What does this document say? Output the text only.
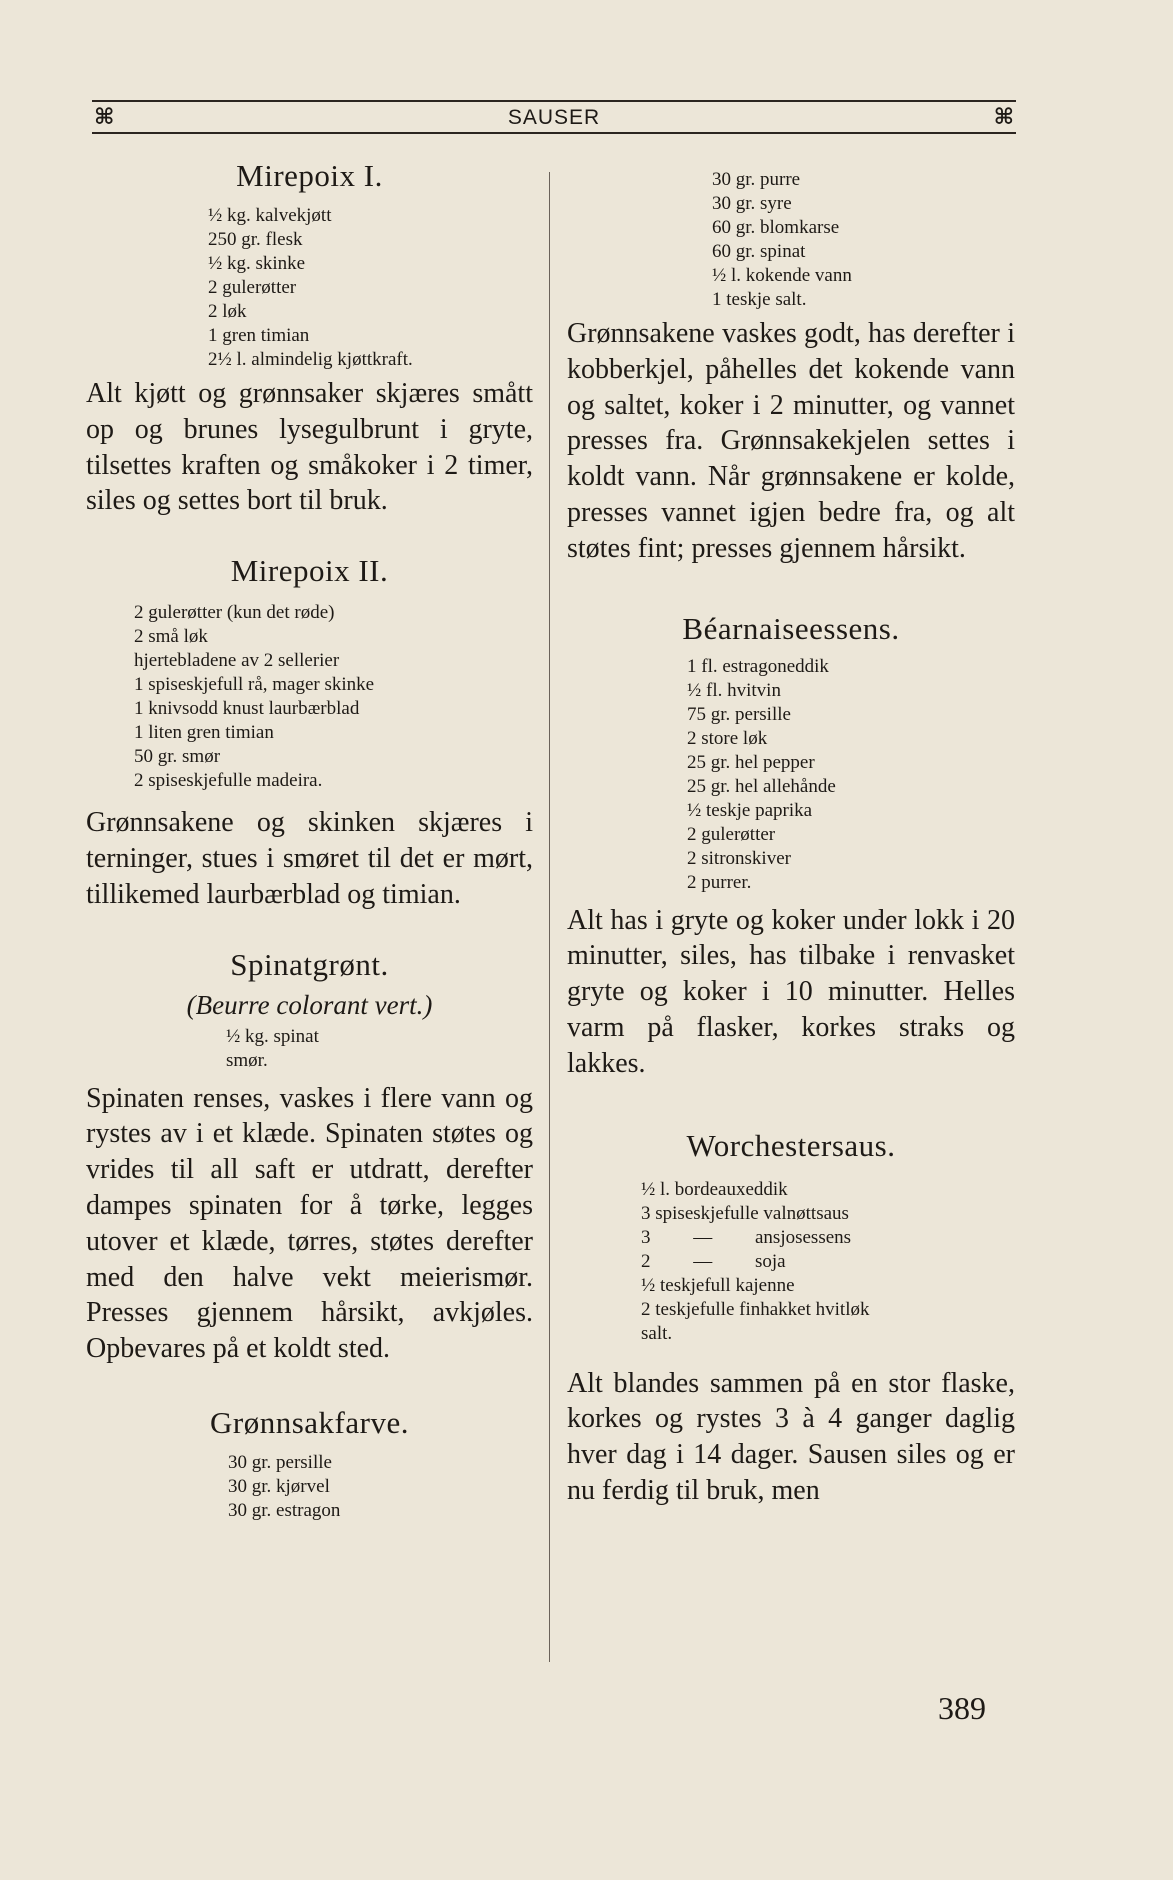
⌘	SAUSER	⌘
Mirepoix I.
½ kg. kalvekjøtt
250 gr. flesk
½ kg. skinke
2 gulerøtter
2 løk
1 gren timian
2½ l. almindelig kjøttkraft.

Alt kjøtt og grønnsaker skjæres smått op og brunes lysegulbrunt i gryte, tilsettes kraften og småkoker i 2 timer, siles og settes bort til bruk.

Mirepoix II.
2 gulerøtter (kun det røde)
2 små løk
hjertebladene av 2 sellerier
1 spiseskjefull rå, mager skinke
1 knivsodd knust laurbærblad
1 liten gren timian
50 gr. smør
2 spiseskjefulle madeira.

Grønnsakene og skinken skjæres i terninger, stues i smøret til det er mørt, tillikemed laurbærblad og timian.

Spinatgrønt.
(Beurre colorant vert.)
½ kg. spinat
smør.

Spinaten renses, vaskes i flere vann og rystes av i et klæde. Spinaten støtes og vrides til all saft er utdratt, derefter dampes spinaten for å tørke, legges utover et klæde, tørres, støtes derefter med den halve vekt meierismør. Presses gjennem hårsikt, avkjøles. Opbevares på et koldt sted.

Grønnsakfarve.
30 gr. persille
30 gr. kjørvel
30 gr. estragon
30 gr. purre
30 gr. syre
60 gr. blomkarse
60 gr. spinat
½ l. kokende vann
1 teskje salt.

Grønnsakene vaskes godt, has derefter i kobberkjel, påhelles det kokende vann og saltet, koker i 2 minutter, og vannet presses fra. Grønnsakekjelen settes i koldt vann. Når grønnsakene er kolde, presses vannet igjen bedre fra, og alt støtes fint; presses gjennem hårsikt.

Béarnaiseessens.
1 fl. estragoneddik
½ fl. hvitvin
75 gr. persille
2 store løk
25 gr. hel pepper
25 gr. hel allehånde
½ teskje paprika
2 gulerøtter
2 sitronskiver
2 purrer.

Alt has i gryte og koker under lokk i 20 minutter, siles, has tilbake i renvasket gryte og koker i 10 minutter. Helles varm på flasker, korkes straks og lakkes.

Worchestersaus.
½ l. bordeauxeddik
3 spiseskjefulle valnøttsaus
3         —         ansjosessens
2         —         soja
½ teskjefull kajenne
2 teskjefulle finhakket hvitløk
salt.

Alt blandes sammen på en stor flaske, korkes og rystes 3 à 4 ganger daglig hver dag i 14 dager. Sausen siles og er nu ferdig til bruk, men

389
